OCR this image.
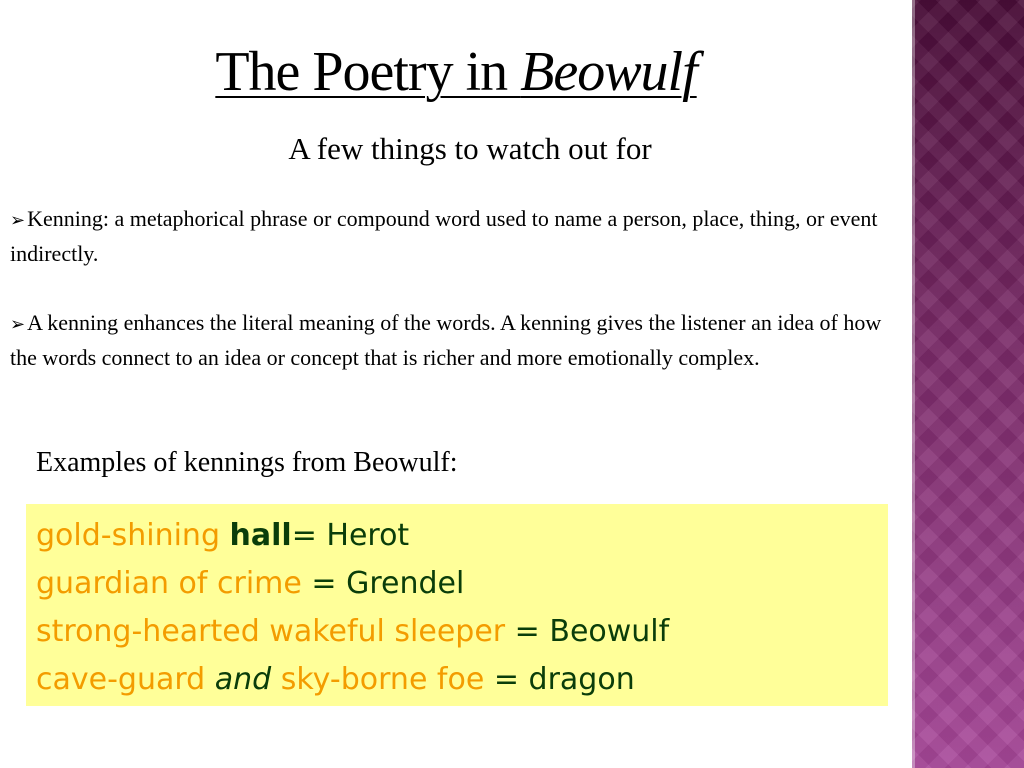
The Poetry in Beowulf
A few things to watch out for
➢Kenning: a metaphorical phrase or compound word used to name a person, place, thing, or event indirectly.
➢A kenning enhances the literal meaning of the words. A kenning gives the listener an idea of how the words connect to an idea or concept that is richer and more emotionally complex.
Examples of kennings from Beowulf:
gold-shining hall= Herot
guardian of crime = Grendel
strong-hearted wakeful sleeper = Beowulf
cave-guard and sky-borne foe = dragon
